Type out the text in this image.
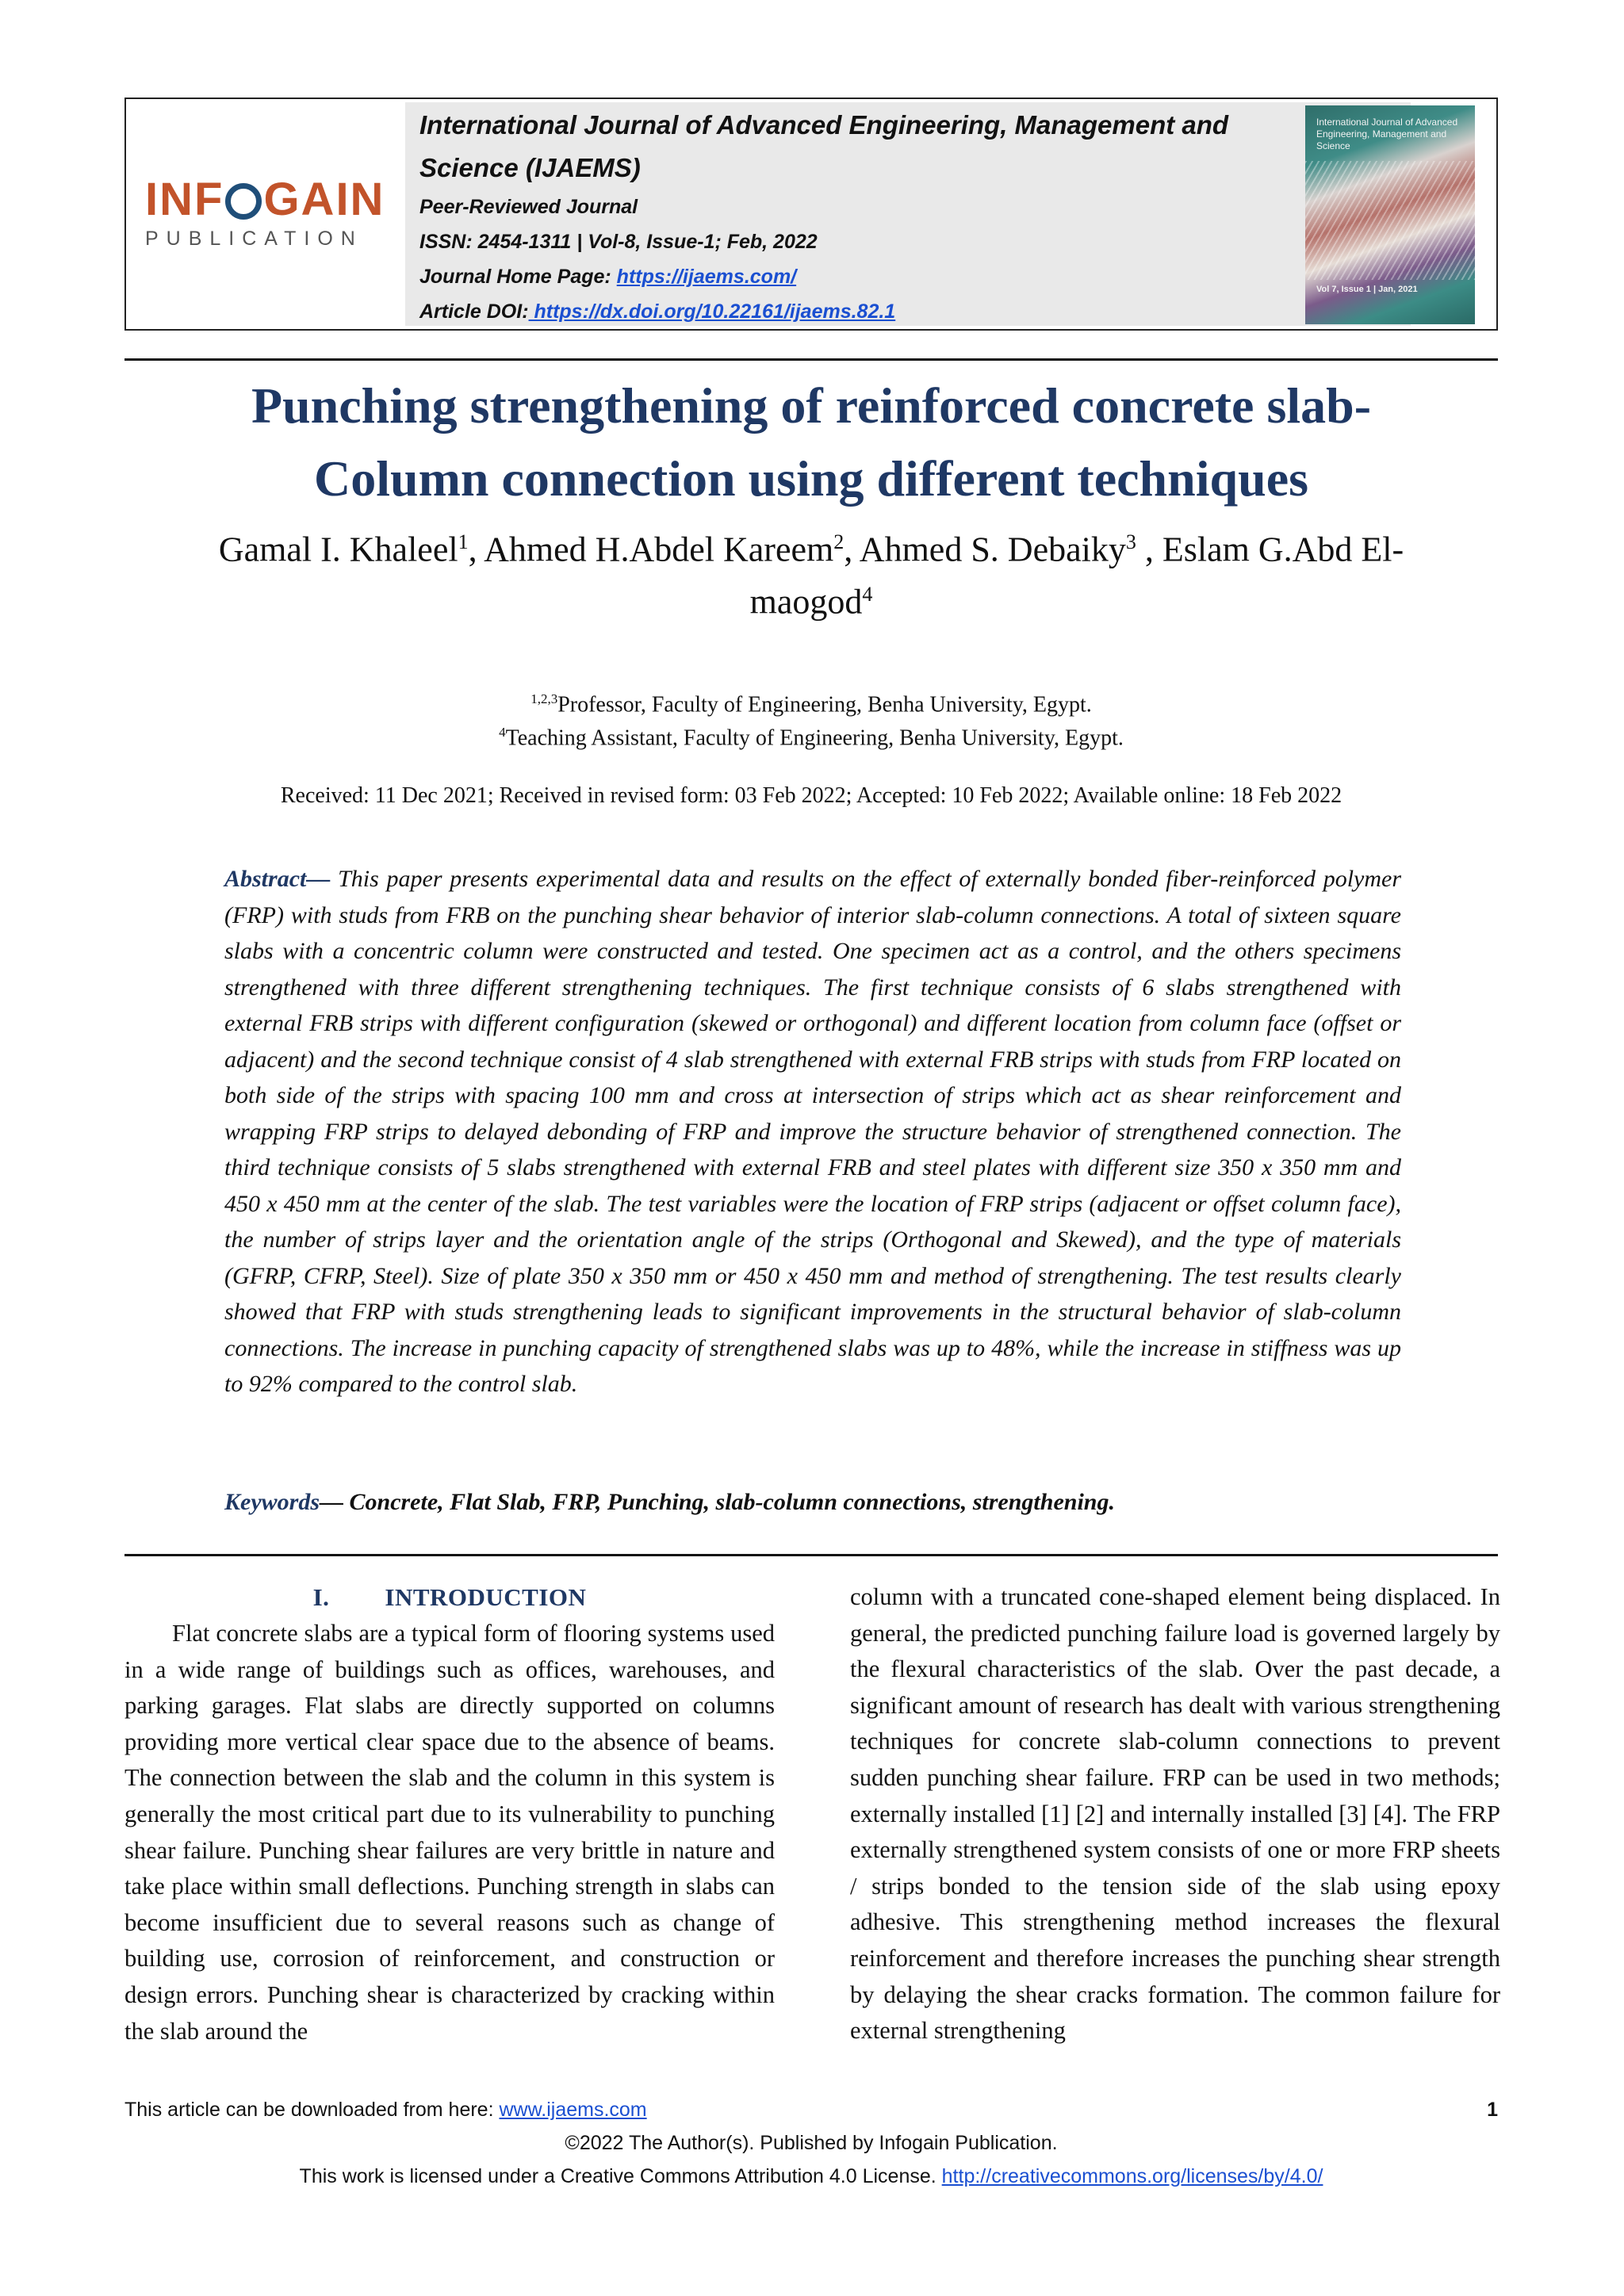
INF GAIN
PUBLICATION
International Journal of Advanced Engineering, Management and
Science (IJAEMS)
Peer-Reviewed Journal
ISSN: 2454-1311 | Vol-8, Issue-1; Feb, 2022
Journal Home Page: https://ijaems.com/
Article DOI: https://dx.doi.org/10.22161/ijaems.82.1
International Journal of Advanced Engineering, Management and Science
Vol 7, Issue 1 | Jan, 2021
Punching strengthening of reinforced concrete slab-
Column connection using different techniques
Gamal I. Khaleel$^1$, Ahmed H.Abdel Kareem$^2$, Ahmed S. Debaiky$^3$ , Eslam G.Abd El-
maogod$^4$
$^{1,2,3}$Professor, Faculty of Engineering, Benha University, Egypt.
$^4$Teaching Assistant, Faculty of Engineering, Benha University, Egypt.
Received: 11 Dec 2021; Received in revised form: 03 Feb 2022; Accepted: 10 Feb 2022; Available online: 18 Feb 2022
Abstract— This paper presents experimental data and results on the effect of externally bonded fiber-reinforced polymer (FRP) with studs from FRB on the punching shear behavior of interior slab-column connections. A total of sixteen square slabs with a concentric column were constructed and tested. One specimen act as a control, and the others specimens strengthened with three different strengthening techniques. The first technique consists of 6 slabs strengthened with external FRB strips with different configuration (skewed or orthogonal) and different location from column face (offset or adjacent) and the second technique consist of 4 slab strengthened with external FRB strips with studs from FRP located on both side of the strips with spacing 100 mm and cross at intersection of strips which act as shear reinforcement and wrapping FRP strips to delayed debonding of FRP and improve the structure behavior of strengthened connection. The third technique consists of 5 slabs strengthened with external FRB and steel plates with different size 350 x 350 mm and 450 x 450 mm at the center of the slab. The test variables were the location of FRP strips (adjacent or offset column face), the number of strips layer and the orientation angle of the strips (Orthogonal and Skewed), and the type of materials (GFRP, CFRP, Steel). Size of plate 350 x 350 mm or 450 x 450 mm and method of strengthening. The test results clearly showed that FRP with studs strengthening leads to significant improvements in the structural behavior of slab-column connections. The increase in punching capacity of strengthened slabs was up to 48%, while the increase in stiffness was up to 92% compared to the control slab.
Keywords— Concrete, Flat Slab, FRP, Punching, slab-column connections, strengthening.
I. INTRODUCTION

Flat concrete slabs are a typical form of flooring systems used in a wide range of buildings such as offices, warehouses, and parking garages. Flat slabs are directly supported on columns providing more vertical clear space due to the absence of beams. The connection between the slab and the column in this system is generally the most critical part due to its vulnerability to punching shear failure. Punching shear failures are very brittle in nature and take place within small deflections. Punching strength in slabs can become insufficient due to several reasons such as change of building use, corrosion of reinforcement, and construction or design errors. Punching shear is characterized by cracking within the slab around the

column with a truncated cone-shaped element being displaced. In general, the predicted punching failure load is governed largely by the flexural characteristics of the slab. Over the past decade, a significant amount of research has dealt with various strengthening techniques for concrete slab-column connections to prevent sudden punching shear failure. FRP can be used in two methods; externally installed [1] [2] and internally installed [3] [4]. The FRP externally strengthened system consists of one or more FRP sheets / strips bonded to the tension side of the slab using epoxy adhesive. This strengthening method increases the flexural reinforcement and therefore increases the punching shear strength by delaying the shear cracks formation. The common failure for external strengthening

This article can be downloaded from here: www.ijaems.com	1
©2022 The Author(s). Published by Infogain Publication.
This work is licensed under a Creative Commons Attribution 4.0 License. http://creativecommons.org/licenses/by/4.0/
